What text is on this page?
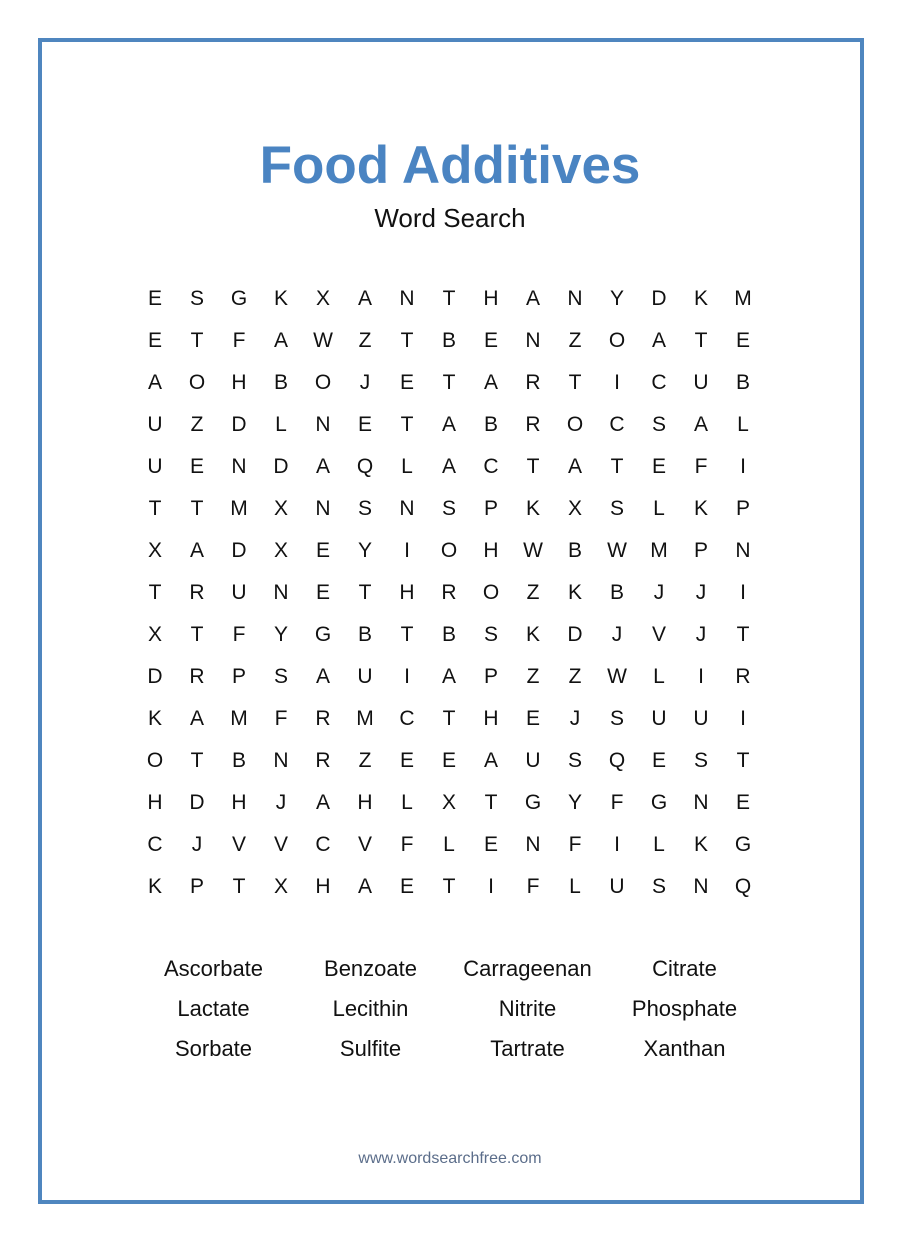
Food Additives
Word Search
E	S	G	K	X	A	N	T	H	A	N	Y	D	K	M
E	T	F	A	W	Z	T	B	E	N	Z	O	A	T	E
A	O	H	B	O	J	E	T	A	R	T	I	C	U	B
U	Z	D	L	N	E	T	A	B	R	O	C	S	A	L
U	E	N	D	A	Q	L	A	C	T	A	T	E	F	I
T	T	M	X	N	S	N	S	P	K	X	S	L	K	P
X	A	D	X	E	Y	I	O	H	W	B	W	M	P	N
T	R	U	N	E	T	H	R	O	Z	K	B	J	J	I
X	T	F	Y	G	B	T	B	S	K	D	J	V	J	T
D	R	P	S	A	U	I	A	P	Z	Z	W	L	I	R
K	A	M	F	R	M	C	T	H	E	J	S	U	U	I
O	T	B	N	R	Z	E	E	A	U	S	Q	E	S	T
H	D	H	J	A	H	L	X	T	G	Y	F	G	N	E
C	J	V	V	C	V	F	L	E	N	F	I	L	K	G
K	P	T	X	H	A	E	T	I	F	L	U	S	N	Q
Ascorbate	Benzoate	Carrageenan	Citrate
Lactate	Lecithin	Nitrite	Phosphate
Sorbate	Sulfite	Tartrate	Xanthan
www.wordsearchfree.com
